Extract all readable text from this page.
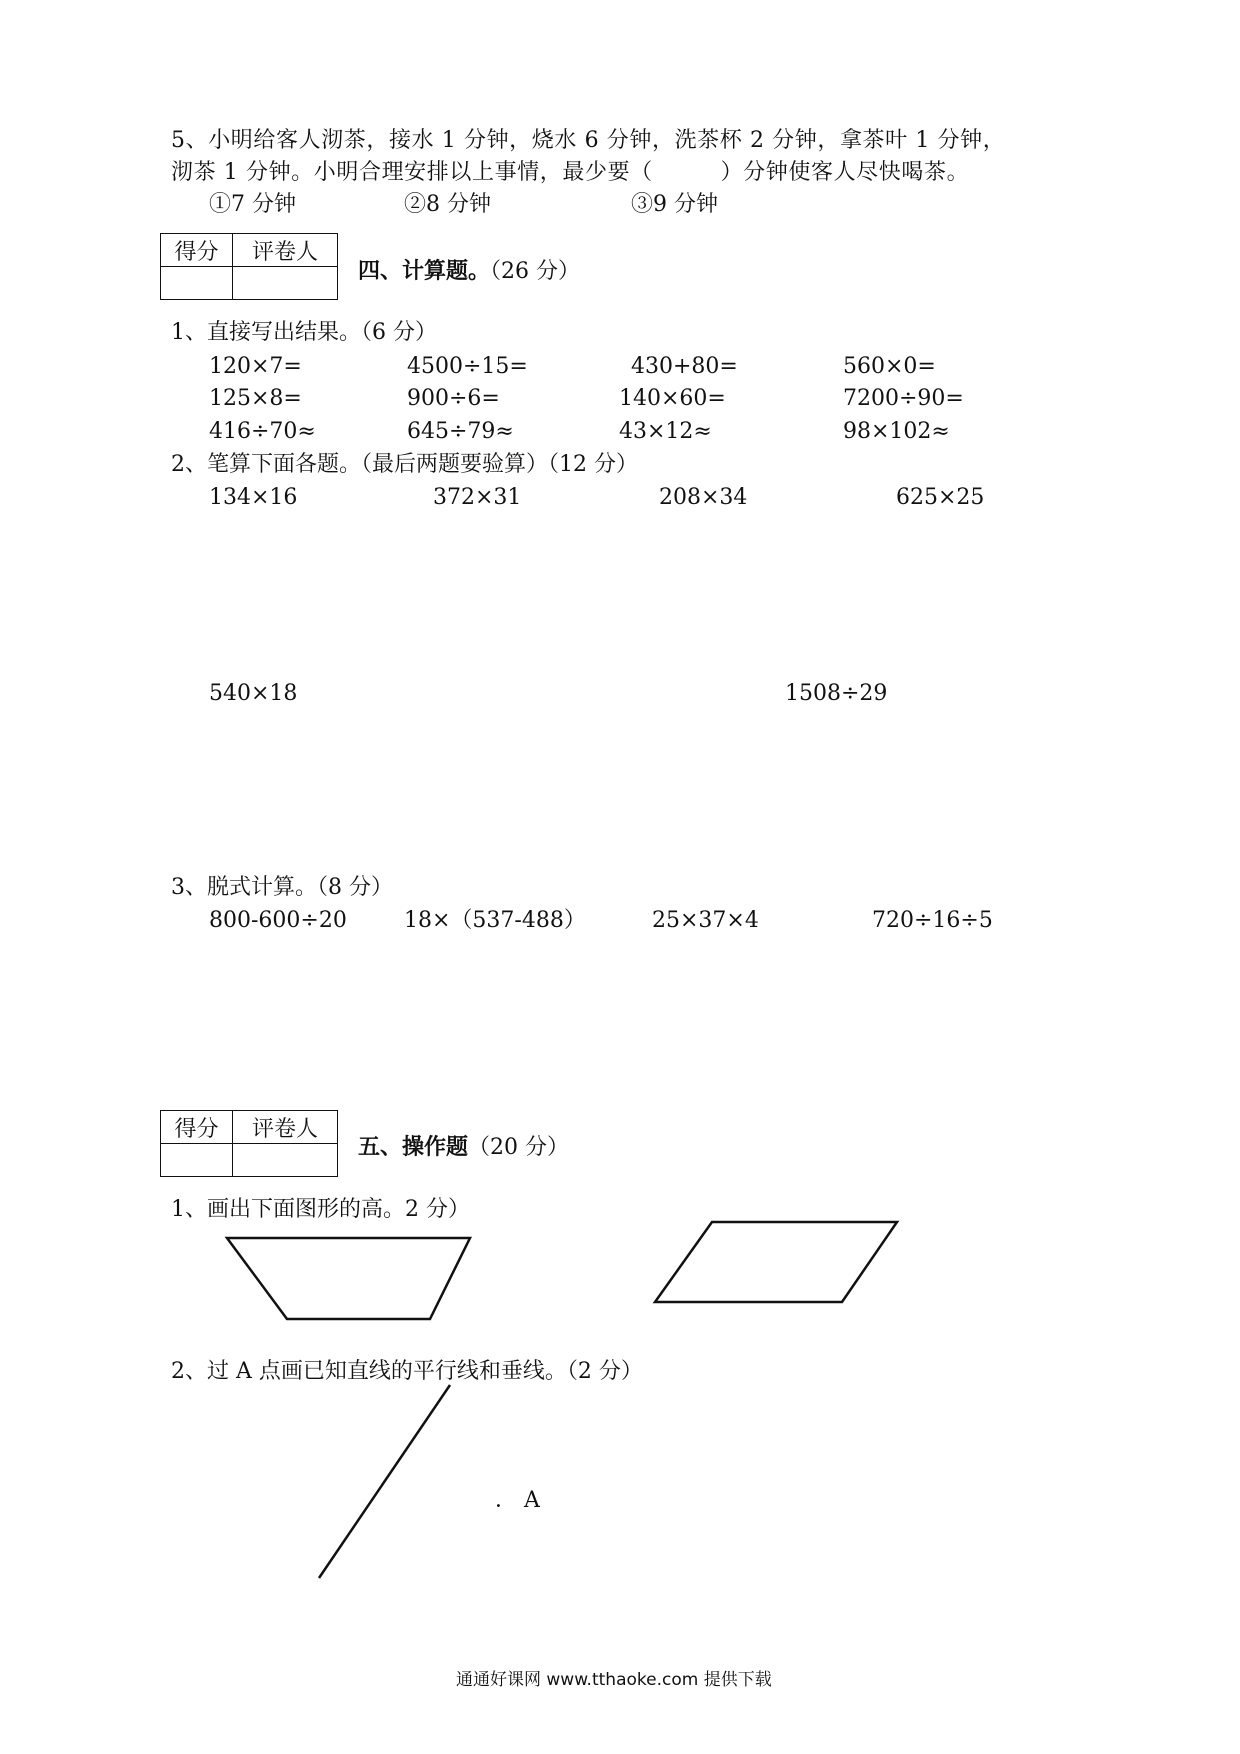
5、小明给客人沏茶，接水 1 分钟，烧水 6 分钟，洗茶杯 2 分钟，拿茶叶 1 分钟，
沏茶 1 分钟。小明合理安排以上事情，最少要（　　　）分钟使客人尽快喝茶。
①7 分钟	②8 分钟	③9 分钟
得分	评卷人

四、计算题。（26 分）
1、直接写出结果。（6 分）
120×7=	4500÷15=	430+80=	560×0=
125×8=	900÷6=	140×60=	7200÷90=
416÷70≈	645÷79≈	43×12≈	98×102≈
2、笔算下面各题。（最后两题要验算）（12 分）
134×16	372×31	208×34	625×25
540×18	1508÷29
3、脱式计算。（8 分）
800-600÷20	18×（537-488）	25×37×4	720÷16÷5
得分	评卷人

五、操作题（20 分）
1、画出下面图形的高。2 分）
2、过 A 点画已知直线的平行线和垂线。（2 分）
． A
通通好课网 www.tthaoke.com 提供下载
